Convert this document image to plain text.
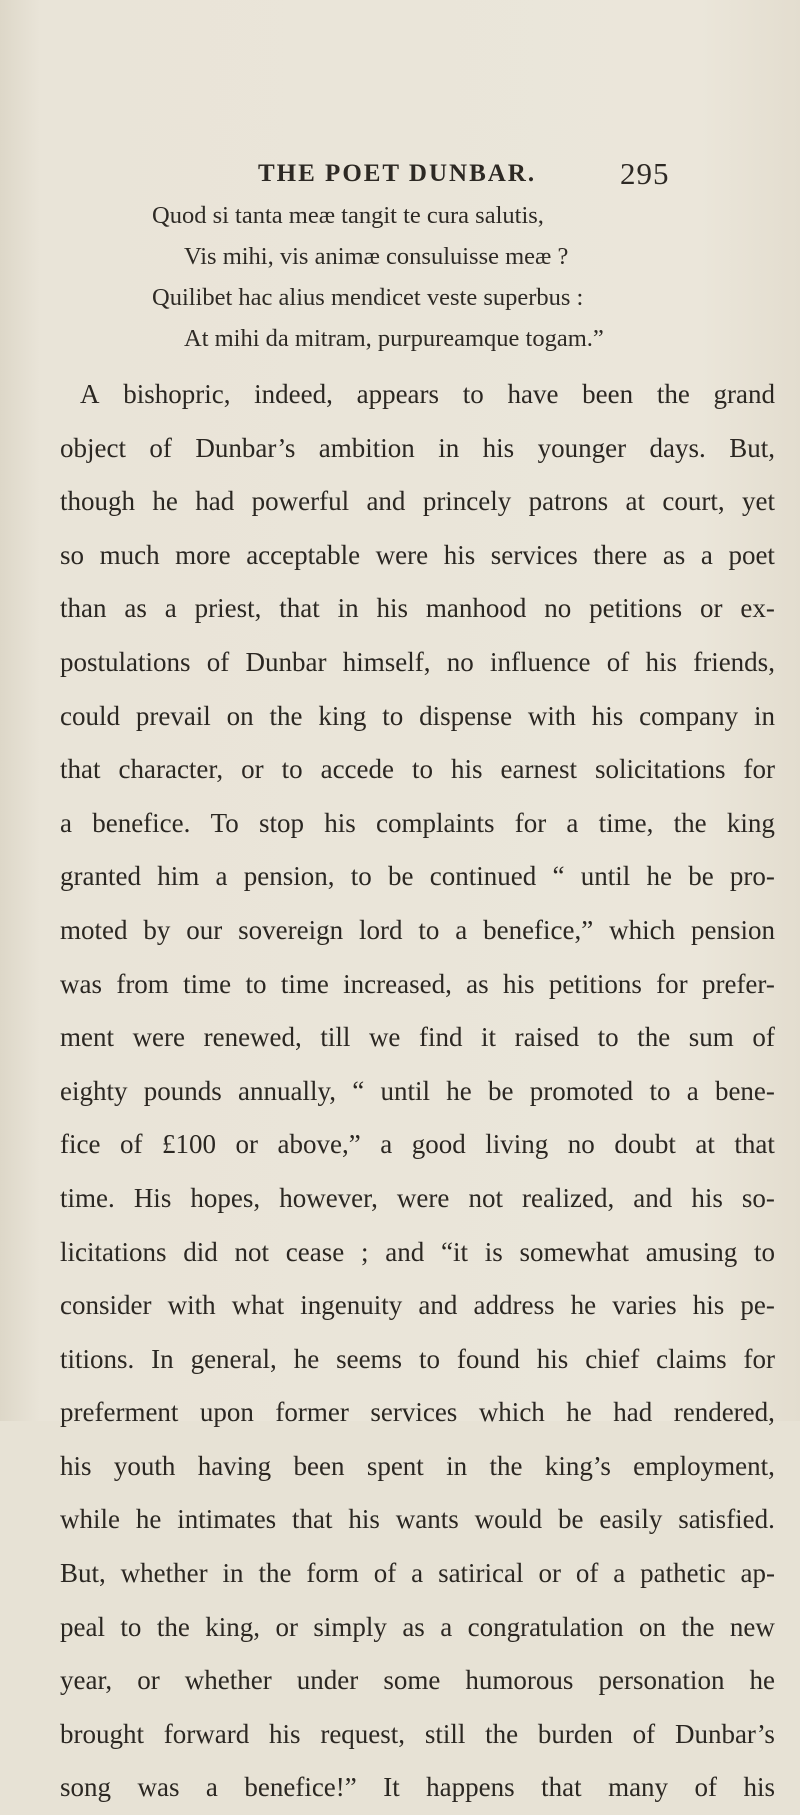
THE POET DUNBAR.	295
Quod si tanta meæ tangit te cura salutis,
Vis mihi, vis animæ consuluisse meæ ?
Quilibet hac alius mendicet veste superbus :
At mihi da mitram, purpureamque togam.”
A bishopric, indeed, appears to have been the grand
object of Dunbar’s ambition in his younger days. But,
though he had powerful and princely patrons at court, yet
so much more acceptable were his services there as a poet
than as a priest, that in his manhood no petitions or ex-
postulations of Dunbar himself, no influence of his friends,
could prevail on the king to dispense with his company in
that character, or to accede to his earnest solicitations for
a benefice. To stop his complaints for a time, the king
granted him a pension, to be continued “ until he be pro-
moted by our sovereign lord to a benefice,” which pension
was from time to time increased, as his petitions for prefer-
ment were renewed, till we find it raised to the sum of
eighty pounds annually, “ until he be promoted to a bene-
fice of £100 or above,” a good living no doubt at that
time. His hopes, however, were not realized, and his so-
licitations did not cease ; and “it is somewhat amusing to
consider with what ingenuity and address he varies his pe-
titions. In general, he seems to found his chief claims for
preferment upon former services which he had rendered,
his youth having been spent in the king’s employment,
while he intimates that his wants would be easily satisfied.
But, whether in the form of a satirical or of a pathetic ap-
peal to the king, or simply as a congratulation on the new
year, or whether under some humorous personation he
brought forward his request, still the burden of Dunbar’s
song was a benefice!” It happens that many of his
